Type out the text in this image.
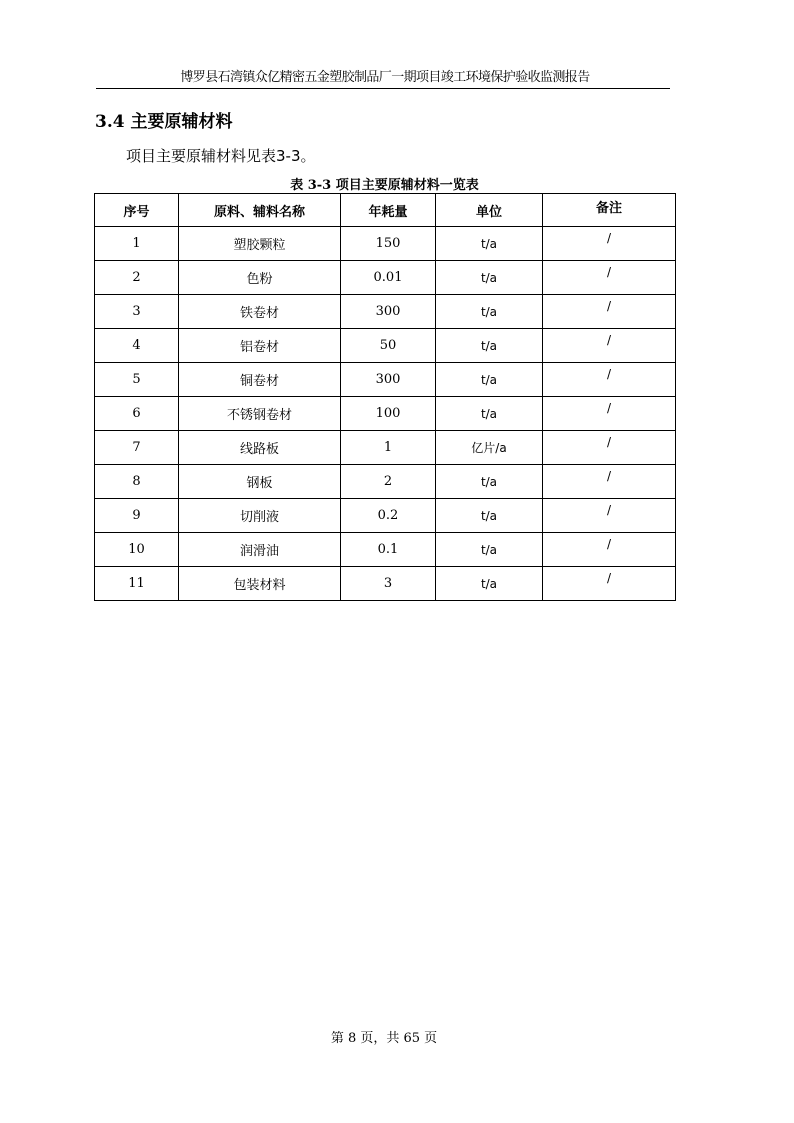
博罗县石湾镇众亿精密五金塑胶制品厂一期项目竣工环境保护验收监测报告
3.4 主要原辅材料
项目主要原辅材料见表3-3。
表 3-3 项目主要原辅材料一览表
序号	原料、辅料名称	年耗量	单位	备注
1	塑胶颗粒	150	t/a	/
2	色粉	0.01	t/a	/
3	铁卷材	300	t/a	/
4	铝卷材	50	t/a	/
5	铜卷材	300	t/a	/
6	不锈钢卷材	100	t/a	/
7	线路板	1	亿片/a	/
8	钢板	2	t/a	/
9	切削液	0.2	t/a	/
10	润滑油	0.1	t/a	/
11	包装材料	3	t/a	/
第 8 页，共 65 页
